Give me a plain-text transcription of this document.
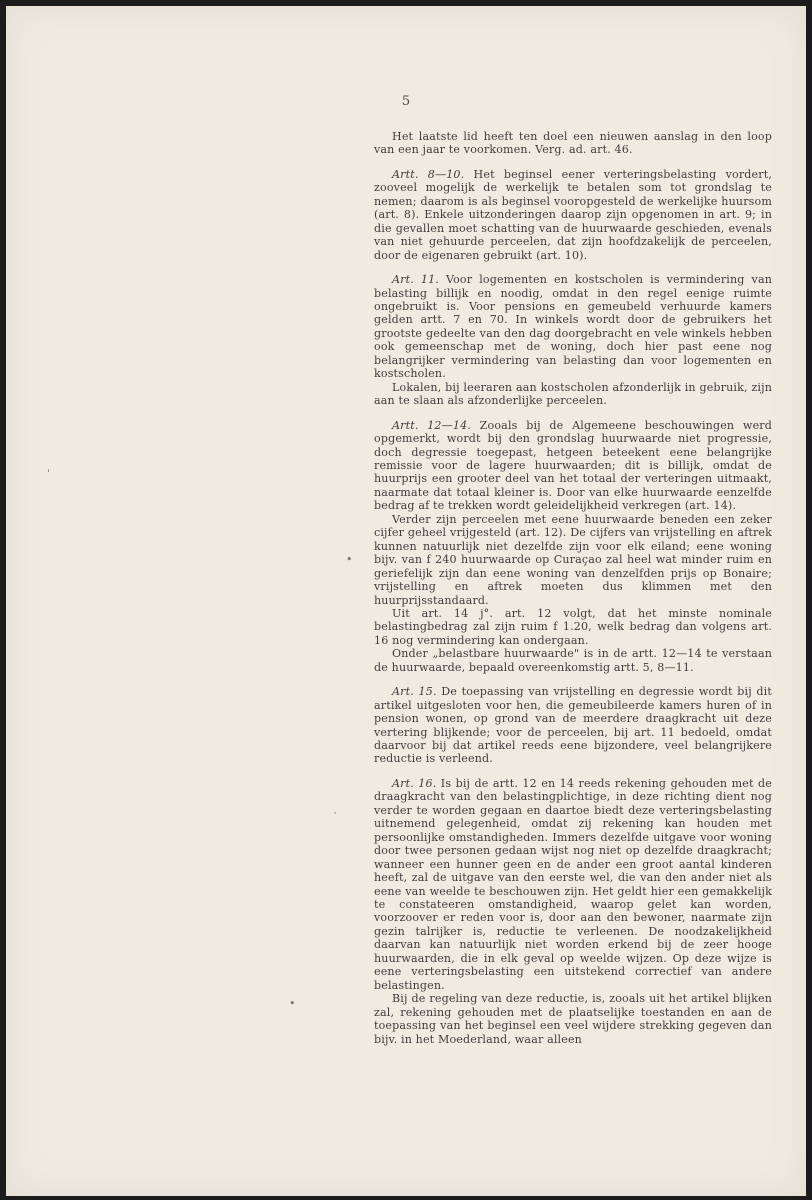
5

Het laatste lid heeft ten doel een nieuwen aanslag in den loop van een jaar te voorkomen. Verg. ad. art. 46.

Artt. 8—10. Het beginsel eener verteringsbelasting vordert, zooveel mogelijk de werkelijk te betalen som tot grondslag te nemen; daarom is als beginsel vooropgesteld de werkelijke huursom (art. 8). Enkele uitzonderingen daarop zijn opgenomen in art. 9; in die gevallen moet schatting van de huurwaarde geschieden, evenals van niet gehuurde perceelen, dat zijn hoofdzakelijk de perceelen, door de eigenaren gebruikt (art. 10).

Art. 11. Voor logementen en kostscholen is vermindering van belasting billijk en noodig, omdat in den regel eenige ruimte ongebruikt is. Voor pensions en gemeubeld verhuurde kamers gelden artt. 7 en 70. In winkels wordt door de gebruikers het grootste gedeelte van den dag doorgebracht en vele winkels hebben ook gemeenschap met de woning, doch hier past eene nog belangrijker vermindering van belasting dan voor logementen en kostscholen.

Lokalen, bij leeraren aan kostscholen afzonderlijk in gebruik, zijn aan te slaan als afzonderlijke perceelen.

Artt. 12—14. Zooals bij de Algemeene beschouwingen werd opgemerkt, wordt bij den grondslag huurwaarde niet progressie, doch degressie toegepast, hetgeen beteekent eene belangrijke remissie voor de lagere huurwaarden; dit is billijk, omdat de huurprijs een grooter deel van het totaal der verteringen uitmaakt, naarmate dat totaal kleiner is. Door van elke huurwaarde eenzelfde bedrag af te trekken wordt geleidelijkheid verkregen (art. 14).

Verder zijn perceelen met eene huurwaarde beneden een zeker cijfer geheel vrijgesteld (art. 12). De cijfers van vrijstelling en aftrek kunnen natuurlijk niet dezelfde zijn voor elk eiland; eene woning bijv. van f 240 huurwaarde op Curaçao zal heel wat minder ruim en geriefelijk zijn dan eene woning van denzelfden prijs op Bonaire; vrijstelling en aftrek moeten dus klimmen met den huurprijsstandaard.

Uit art. 14 j°. art. 12 volgt, dat het minste nominale belastingbedrag zal zijn ruim f 1.20, welk bedrag dan volgens art. 16 nog vermindering kan ondergaan.

Onder „belastbare huurwaarde" is in de artt. 12—14 te verstaan de huurwaarde, bepaald overeenkomstig artt. 5, 8—11.

Art. 15. De toepassing van vrijstelling en degressie wordt bij dit artikel uitgesloten voor hen, die gemeubileerde kamers huren of in pension wonen, op grond van de meerdere draagkracht uit deze vertering blijkende; voor de perceelen, bij art. 11 bedoeld, omdat daarvoor bij dat artikel reeds eene bijzondere, veel belangrijkere reductie is verleend.

Art. 16. Is bij de artt. 12 en 14 reeds rekening gehouden met de draagkracht van den belastingplichtige, in deze richting dient nog verder te worden gegaan en daartoe biedt deze verteringsbelasting uitnemend gelegenheid, omdat zij rekening kan houden met persoonlijke omstandigheden. Immers dezelfde uitgave voor woning door twee personen gedaan wijst nog niet op dezelfde draagkracht; wanneer een hunner geen en de ander een groot aantal kinderen heeft, zal de uitgave van den eerste wel, die van den ander niet als eene van weelde te beschouwen zijn. Het geldt hier een gemakkelijk te constateeren omstandigheid, waarop gelet kan worden, voorzoover er reden voor is, door aan den bewoner, naarmate zijn gezin talrijker is, reductie te verleenen. De noodzakelijkheid daarvan kan natuurlijk niet worden erkend bij de zeer hooge huurwaarden, die in elk geval op weelde wijzen. Op deze wijze is eene verteringsbelasting een uitstekend correctief van andere belastingen.

Bij de regeling van deze reductie, is, zooals uit het artikel blijken zal, rekening gehouden met de plaatselijke toestanden en aan de toepassing van het beginsel een veel wijdere strekking gegeven dan bijv. in het Moederland, waar alleen

ˈ
•
ˋ
•
